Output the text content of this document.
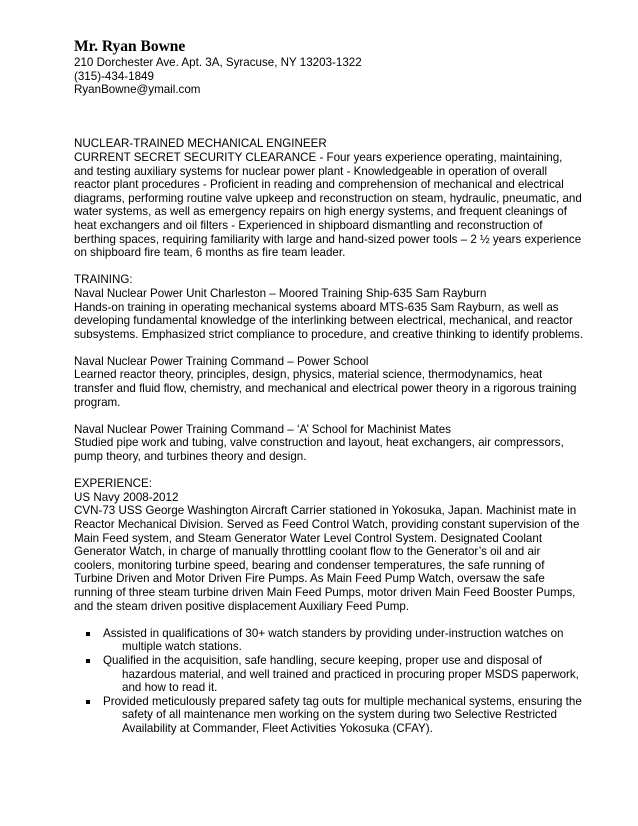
Mr. Ryan Bowne

210 Dorchester Ave. Apt. 3A, Syracuse, NY 13203-1322

(315)-434-1849

RyanBowne@ymail.com

NUCLEAR-TRAINED MECHANICAL ENGINEER

CURRENT SECRET SECURITY CLEARANCE - Four years experience operating, maintaining, and testing auxiliary systems for nuclear power plant - Knowledgeable in operation of overall reactor plant procedures - Proficient in reading and comprehension of mechanical and electrical diagrams, performing routine valve upkeep and reconstruction on steam, hydraulic, pneumatic, and water systems, as well as emergency repairs on high energy systems, and frequent cleanings of heat exchangers and oil filters - Experienced in shipboard dismantling and reconstruction of berthing spaces, requiring familiarity with large and hand-sized power tools – 2 ½ years experience on shipboard fire team, 6 months as fire team leader.

TRAINING:

Naval Nuclear Power Unit Charleston – Moored Training Ship-635 Sam Rayburn

Hands-on training in operating mechanical systems aboard MTS-635 Sam Rayburn, as well as developing fundamental knowledge of the interlinking between electrical, mechanical, and reactor subsystems. Emphasized strict compliance to procedure, and creative thinking to identify problems.

Naval Nuclear Power Training Command – Power School

Learned reactor theory, principles, design, physics, material science, thermodynamics, heat transfer and fluid flow, chemistry, and mechanical and electrical power theory in a rigorous training program.

Naval Nuclear Power Training Command – ‘A’ School for Machinist Mates

Studied pipe work and tubing, valve construction and layout, heat exchangers, air compressors, pump theory, and turbines theory and design.

EXPERIENCE:

US Navy 2008-2012

CVN-73 USS George Washington Aircraft Carrier stationed in Yokosuka, Japan. Machinist mate in Reactor Mechanical Division. Served as Feed Control Watch, providing constant supervision of the Main Feed system, and Steam Generator Water Level Control System. Designated Coolant Generator Watch, in charge of manually throttling coolant flow to the Generator’s oil and air coolers, monitoring turbine speed, bearing and condenser temperatures, the safe running of Turbine Driven and Motor Driven Fire Pumps. As Main Feed Pump Watch, oversaw the safe running of three steam turbine driven Main Feed Pumps, motor driven Main Feed Booster Pumps, and the steam driven positive displacement Auxiliary Feed Pump.

Assisted in qualifications of 30+ watch standers by providing under-instruction watches on multiple watch stations.
Qualified in the acquisition, safe handling, secure keeping, proper use and disposal of hazardous material, and well trained and practiced in procuring proper MSDS paperwork, and how to read it.
Provided meticulously prepared safety tag outs for multiple mechanical systems, ensuring the safety of all maintenance men working on the system during two Selective Restricted Availability at Commander, Fleet Activities Yokosuka (CFAY).
